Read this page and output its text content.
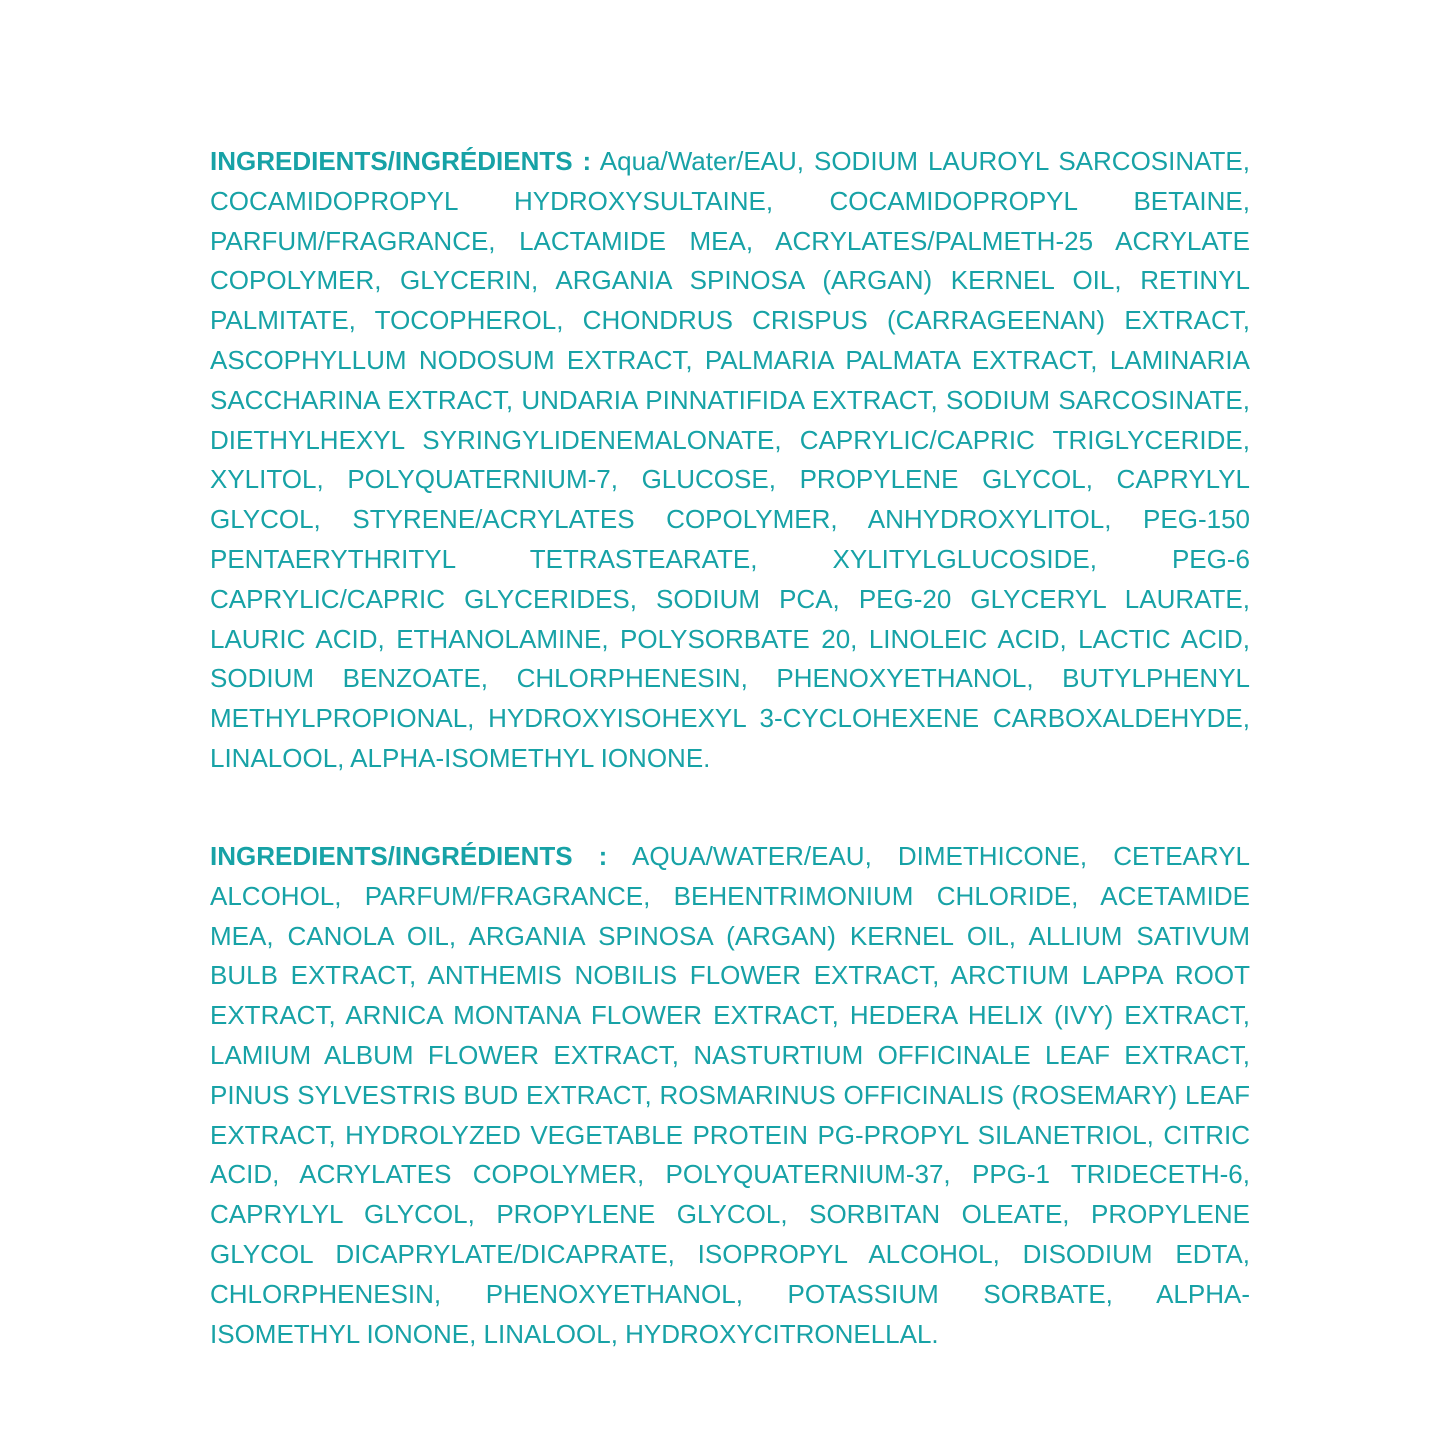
INGREDIENTS/INGRÉDIENTS : Aqua/Water/EAU, SODIUM LAUROYL SARCOSINATE, COCAMIDOPROPYL HYDROXYSULTAINE, COCAMIDOPROPYL BETAINE, PARFUM/FRAGRANCE, LACTAMIDE MEA, ACRYLATES/PALMETH-25 ACRYLATE COPOLYMER, GLYCERIN, ARGANIA SPINOSA (ARGAN) KERNEL OIL, RETINYL PALMITATE, TOCOPHEROL, CHONDRUS CRISPUS (CARRAGEENAN) EXTRACT, ASCOPHYLLUM NODOSUM EXTRACT, PALMARIA PALMATA EXTRACT, LAMINARIA SACCHARINA EXTRACT, UNDARIA PINNATIFIDA EXTRACT, SODIUM SARCOSINATE, DIETHYLHEXYL SYRINGYLIDENEMALONATE, CAPRYLIC/CAPRIC TRIGLYCERIDE, XYLITOL, POLYQUATERNIUM-7, GLUCOSE, PROPYLENE GLYCOL, CAPRYLYL GLYCOL, STYRENE/ACRYLATES COPOLYMER, ANHYDROXYLITOL, PEG-150 PENTAERYTHRITYL TETRASTEARATE, XYLITYLGLUCOSIDE, PEG-6 CAPRYLIC/CAPRIC GLYCERIDES, SODIUM PCA, PEG-20 GLYCERYL LAURATE, LAURIC ACID, ETHANOLAMINE, POLYSORBATE 20, LINOLEIC ACID, LACTIC ACID, SODIUM BENZOATE, CHLORPHENESIN, PHENOXYETHANOL, BUTYLPHENYL METHYLPROPIONAL, HYDROXYISOHEXYL 3-CYCLOHEXENE CARBOXALDEHYDE, LINALOOL, ALPHA-ISOMETHYL IONONE.

INGREDIENTS/INGRÉDIENTS : AQUA/WATER/EAU, DIMETHICONE, CETEARYL ALCOHOL, PARFUM/FRAGRANCE, BEHENTRIMONIUM CHLORIDE, ACETAMIDE MEA, CANOLA OIL, ARGANIA SPINOSA (ARGAN) KERNEL OIL, ALLIUM SATIVUM BULB EXTRACT, ANTHEMIS NOBILIS FLOWER EXTRACT, ARCTIUM LAPPA ROOT EXTRACT, ARNICA MONTANA FLOWER EXTRACT, HEDERA HELIX (IVY) EXTRACT, LAMIUM ALBUM FLOWER EXTRACT, NASTURTIUM OFFICINALE LEAF EXTRACT, PINUS SYLVESTRIS BUD EXTRACT, ROSMARINUS OFFICINALIS (ROSEMARY) LEAF EXTRACT, HYDROLYZED VEGETABLE PROTEIN PG-PROPYL SILANETRIOL, CITRIC ACID, ACRYLATES COPOLYMER, POLYQUATERNIUM-37, PPG-1 TRIDECETH-6, CAPRYLYL GLYCOL, PROPYLENE GLYCOL, SORBITAN OLEATE, PROPYLENE GLYCOL DICAPRYLATE/DICAPRATE, ISOPROPYL ALCOHOL, DISODIUM EDTA, CHLORPHENESIN, PHENOXYETHANOL, POTASSIUM SORBATE, ALPHA-ISOMETHYL IONONE, LINALOOL, HYDROXYCITRONELLAL.
